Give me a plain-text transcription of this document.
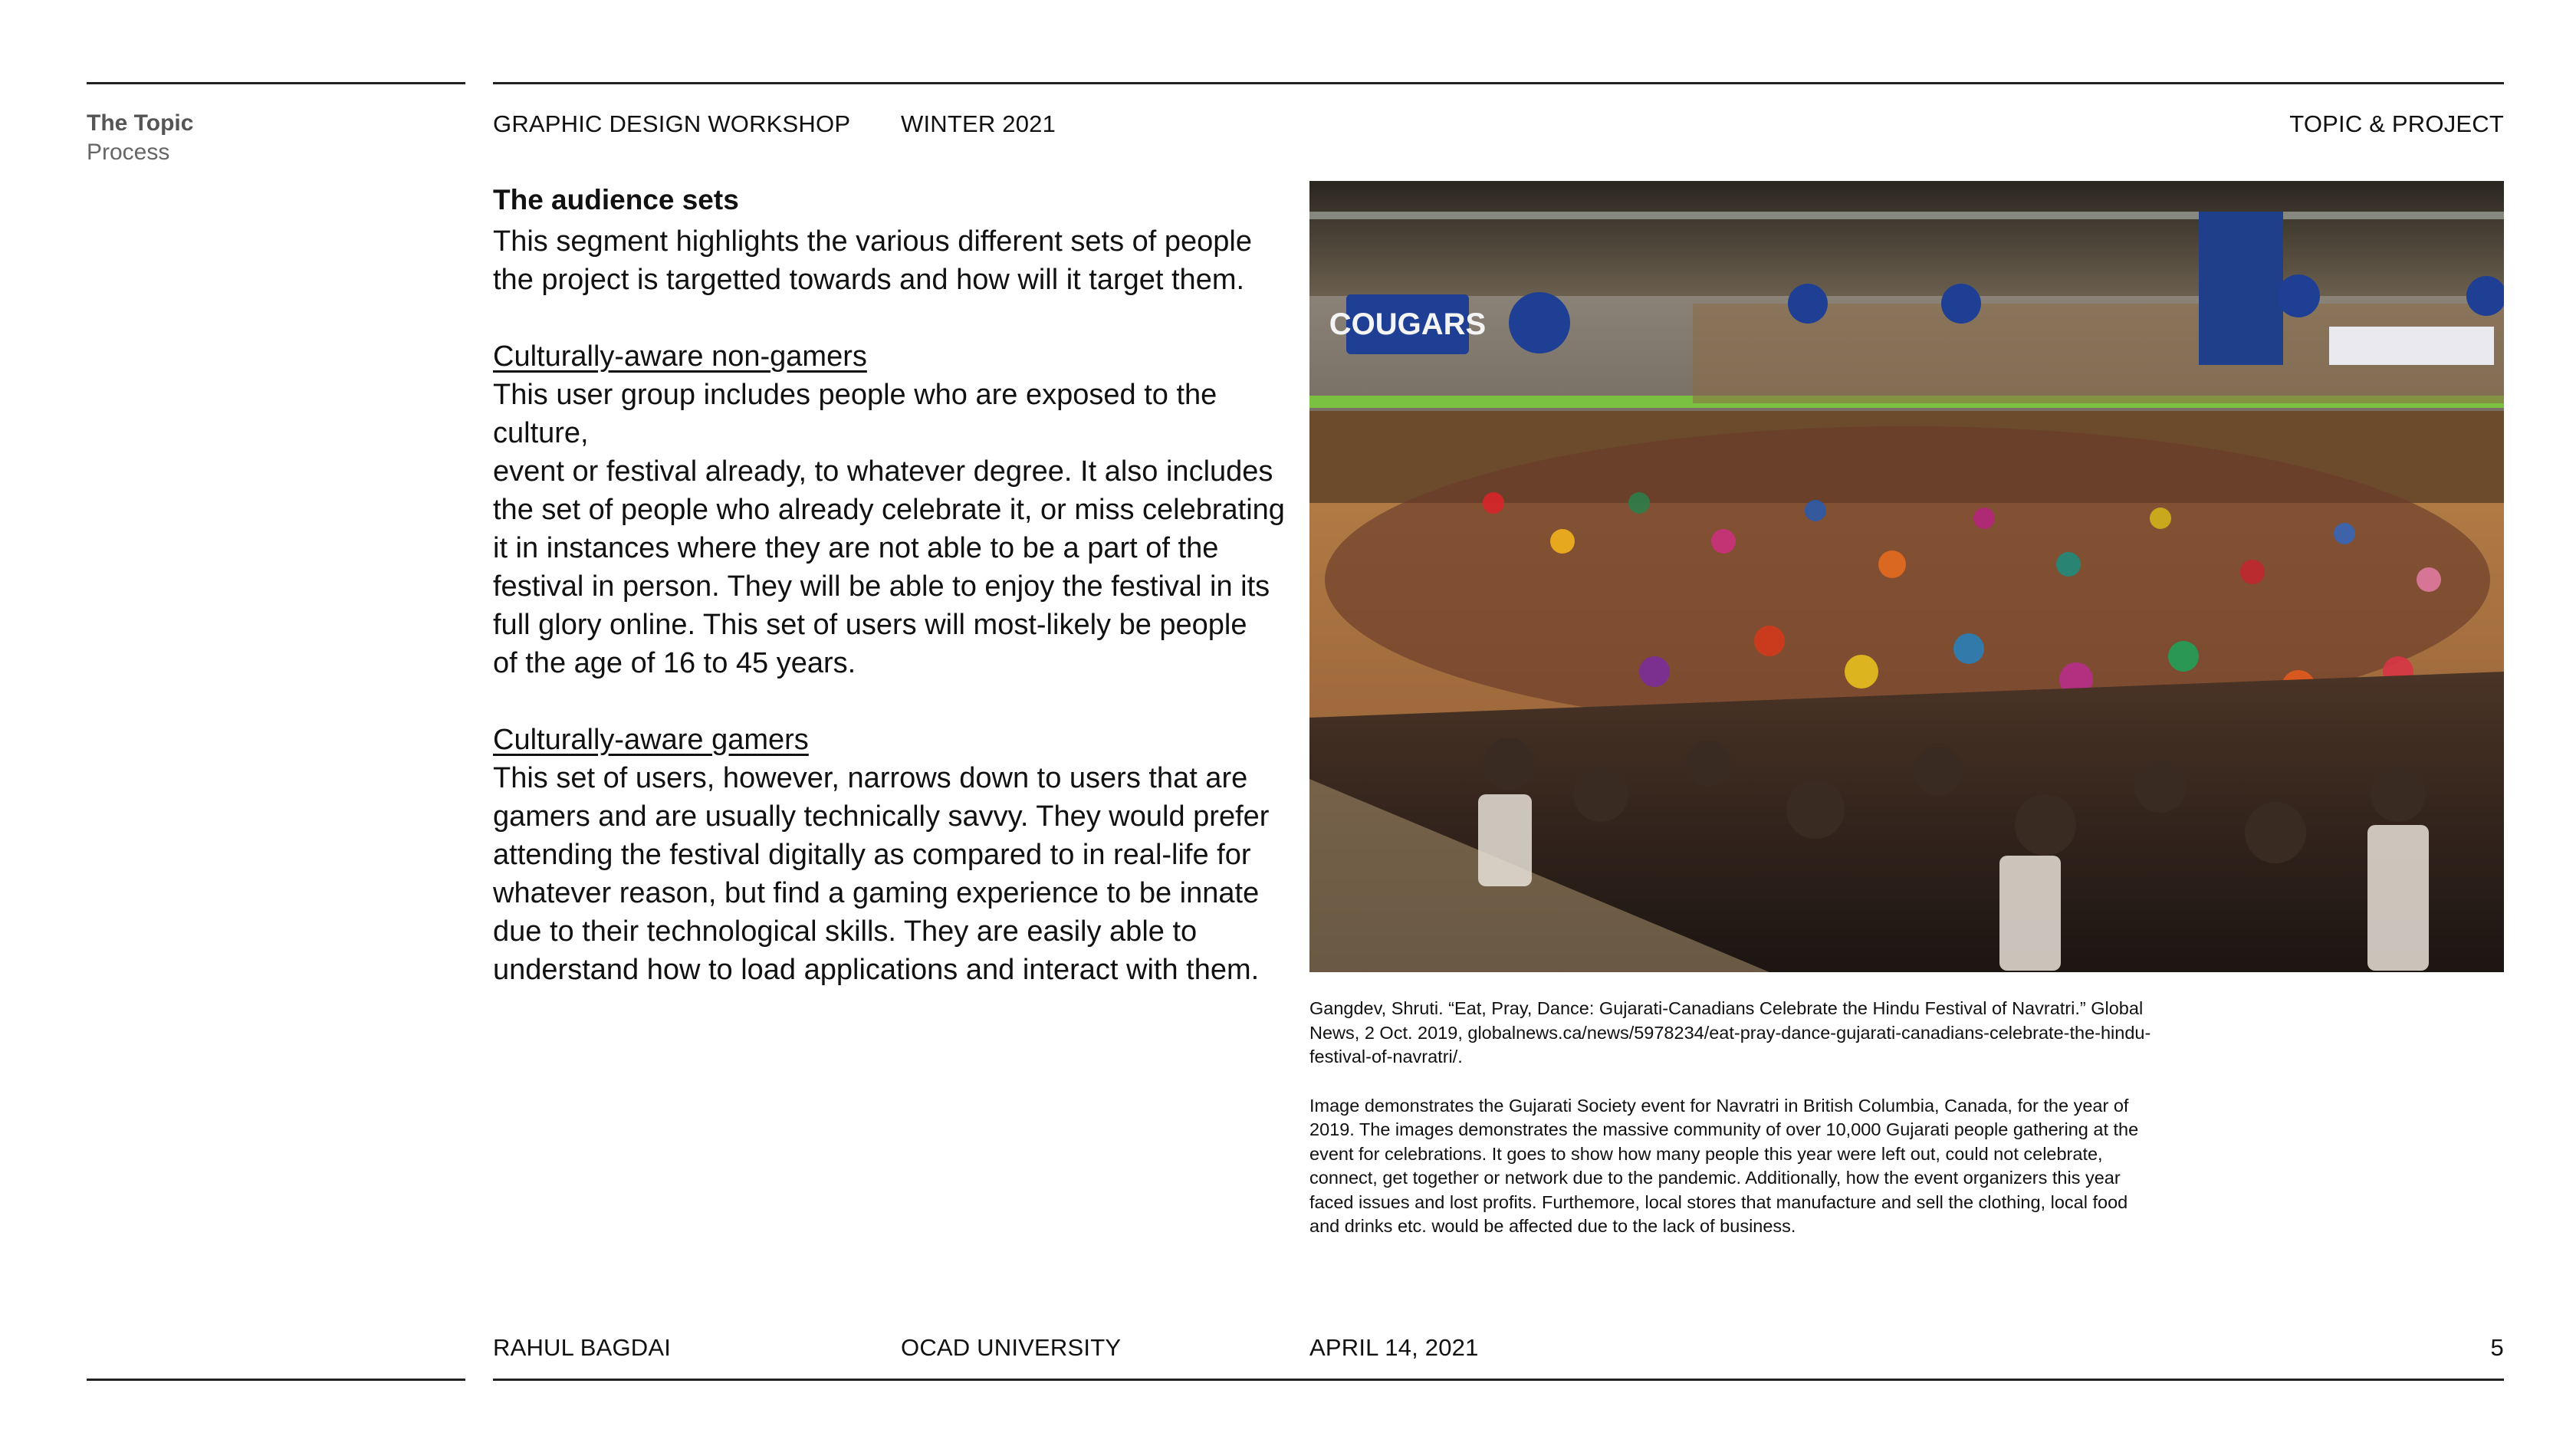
The Topic
Process
GRAPHIC DESIGN WORKSHOP WINTER 2021	TOPIC & PROJECT
The audience sets

This segment highlights the various different sets of people
the project is targetted towards and how will it target them.

Culturally-aware non-gamers

This user group includes people who are exposed to the culture,
event or festival already, to whatever degree. It also includes
the set of people who already celebrate it, or miss celebrating
it in instances where they are not able to be a part of the
festival in person. They will be able to enjoy the festival in its
full glory online. This set of users will most-likely be people
of the age of 16 to 45 years.

Culturally-aware gamers

This set of users, however, narrows down to users that are
gamers and are usually technically savvy. They would prefer
attending the festival digitally as compared to in real-life for
whatever reason, but find a gaming experience to be innate
due to their technological skills. They are easily able to
understand how to load applications and interact with them.

COUGARS

Gangdev, Shruti. “Eat, Pray, Dance: Gujarati-Canadians Celebrate the Hindu Festival of Navratri.” Global News, 2 Oct. 2019, globalnews.ca/news/5978234/eat-pray-dance-gujarati-canadians-celebrate-the-hindu-festival-of-navratri/.

Image demonstrates the Gujarati Society event for Navratri in British Columbia, Canada, for the year of 2019. The images demonstrates the massive community of over 10,000 Gujarati people gathering at the event for celebrations. It goes to show how many people this year were left out, could not celebrate, connect, get together or network due to the pandemic. Additionally, how the event organizers this year faced issues and lost profits. Furthemore, local stores that manufacture and sell the clothing, local food and drinks etc. would be affected due to the lack of business.

RAHUL BAGDAI	OCAD UNIVERSITY	APRIL 14, 2021	5
